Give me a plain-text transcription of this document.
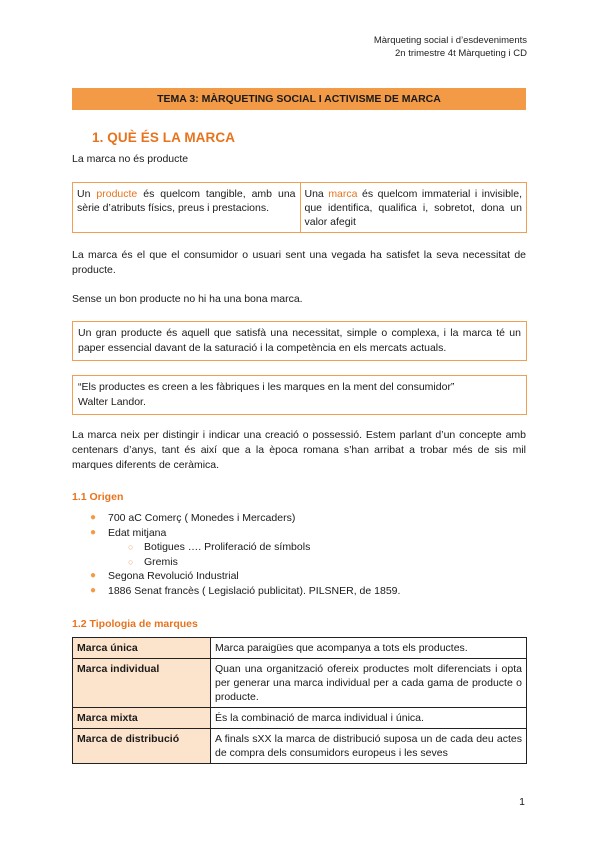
Màrqueting social i d’esdeveniments
2n trimestre 4t Màrqueting i CD
TEMA 3: MÀRQUETING SOCIAL I ACTIVISME DE MARCA
1. QUÈ ÉS LA MARCA
La marca no és producte
Un producte és quelcom tangible, amb una sèrie d’atributs físics, preus i prestacions.
Una marca és quelcom immaterial i invisible, que identifica, qualifica i, sobretot, dona un valor afegit
La marca és el que el consumidor o usuari sent una vegada ha satisfet la seva necessitat de producte.
Sense un bon producte no hi ha una bona marca.
Un gran producte és aquell que satisfà una necessitat, simple o complexa, i la marca té un paper essencial davant de la saturació i la competència en els mercats actuals.
“Els productes es creen a les fàbriques i les marques en la ment del consumidor”
Walter Landor.
La marca neix per distingir i indicar una creació o possessió. Estem parlant d’un concepte amb centenars d’anys, tant és així que a la època romana s’han arribat a trobar més de sis mil marques diferents de ceràmica.
1.1 Origen
● 700 aC Comerç ( Monedes i Mercaders)
● Edat mitjana
○ Botigues …. Proliferació de símbols
○ Gremis
● Segona Revolució Industrial
● 1886 Senat francès ( Legislació publicitat). PILSNER, de 1859.
1.2 Tipologia de marques
Marca única	Marca paraigües que acompanya a tots els productes.
Marca individual	Quan una organització ofereix productes molt diferenciats i opta per generar una marca individual per a cada gama de producte o producte.
Marca mixta	És la combinació de marca individual i única.
Marca de distribució	A finals sXX la marca de distribució suposa un de cada deu actes de compra dels consumidors europeus i les seves
1
